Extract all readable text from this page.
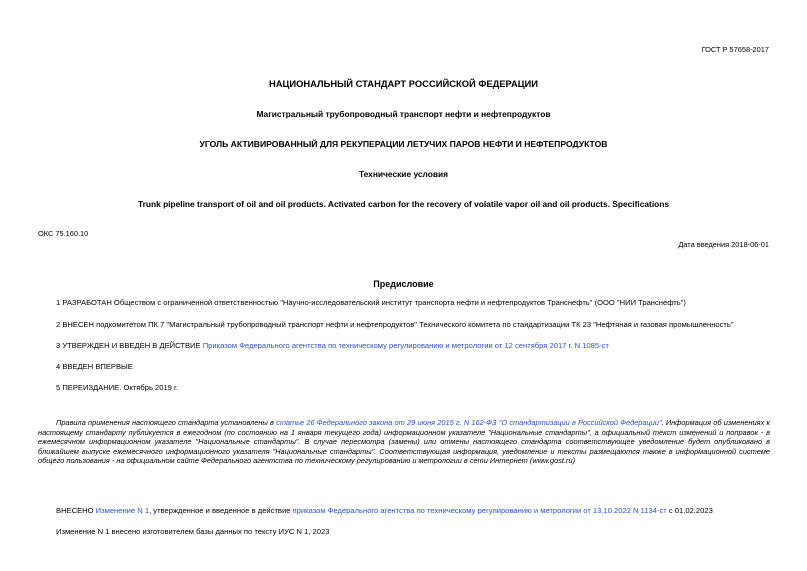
ГОСТ Р 57658-2017
НАЦИОНАЛЬНЫЙ СТАНДАРТ РОССИЙСКОЙ ФЕДЕРАЦИИ
Магистральный трубопроводный транспорт нефти и нефтепродуктов
УГОЛЬ АКТИВИРОВАННЫЙ ДЛЯ РЕКУПЕРАЦИИ ЛЕТУЧИХ ПАРОВ НЕФТИ И НЕФТЕПРОДУКТОВ
Технические условия
Trunk pipeline transport of oil and oil products. Activated carbon for the recovery of volatile vapor oil and oil products. Specifications
ОКС 75.160.10
Дата введения 2018-06-01
Предисловие
1 РАЗРАБОТАН Обществом с ограниченной ответственностью "Научно-исследовательский институт транспорта нефти и нефтепродуктов Транснефть" (ООО "НИИ Транснефть")
2 ВНЕСЕН подкомитетом ПК 7 "Магистральный трубопроводный транспорт нефти и нефтепродуктов" Технического комитета по стандартизации ТК 23 "Нефтяная и газовая промышленность"
3 УТВЕРЖДЕН И ВВЕДЕН В ДЕЙСТВИЕ Приказом Федерального агентства по техническому регулированию и метрологии от 12 сентября 2017 г. N 1085-ст
4 ВВЕДЕН ВПЕРВЫЕ
5 ПЕРЕИЗДАНИЕ. Октябрь 2019 г.
Правила применения настоящего стандарта установлены в статье 26 Федерального закона от 29 июня 2015 г. N 162-ФЗ "О стандартизации в Российской Федерации". Информация об изменениях к настоящему стандарту публикуется в ежегодном (по состоянию на 1 января текущего года) информационном указателе "Национальные стандарты", а официальный текст изменений и поправок - в ежемесячном информационном указателе "Национальные стандарты". В случае пересмотра (замены) или отмены настоящего стандарта соответствующее уведомление будет опубликовано в ближайшем выпуске ежемесячного информационного указателя "Национальные стандарты". Соответствующая информация, уведомление и тексты размещаются также в информационной системе общего пользования - на официальном сайте Федерального агентства по техническому регулированию и метрологии в сети Интернет (www.gost.ru)
ВНЕСЕНО Изменение N 1, утвержденное и введенное в действие приказом Федерального агентства по техническому регулированию и метрологии от 13.10.2022 N 1134-ст с 01.02.2023
Изменение N 1 внесено изготовителем базы данных по тексту ИУС N 1, 2023
